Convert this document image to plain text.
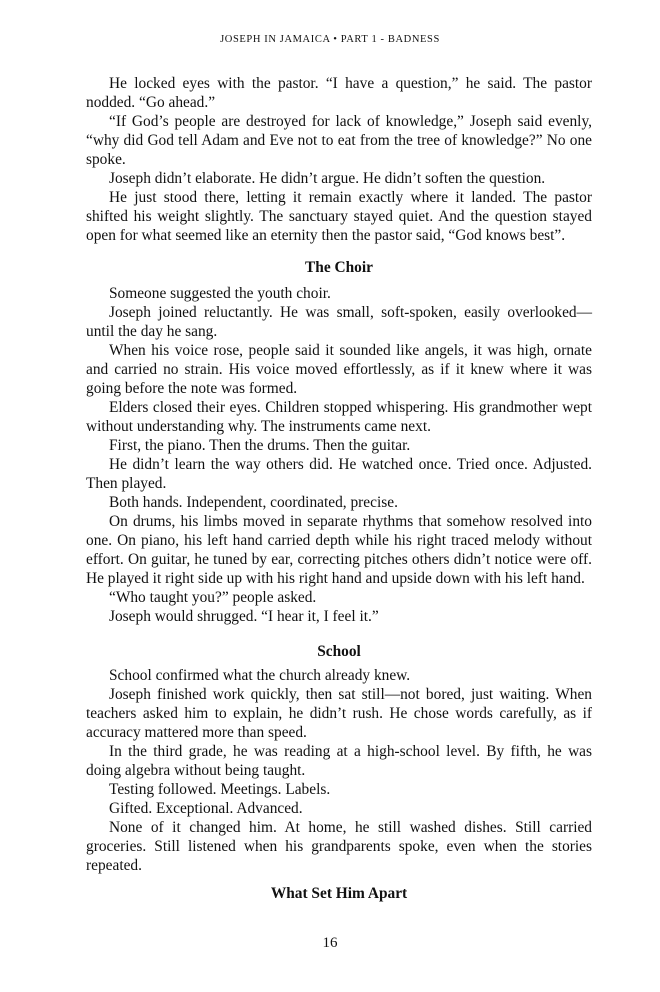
JOSEPH IN JAMAICA • PART 1 - BADNESS

He locked eyes with the pastor. “I have a question,” he said. The pastor nodded. “Go ahead.”

“If God’s people are destroyed for lack of knowledge,” Joseph said evenly, “why did God tell Adam and Eve not to eat from the tree of knowledge?” No one spoke.

Joseph didn’t elaborate. He didn’t argue. He didn’t soften the question.

He just stood there, letting it remain exactly where it landed. The pastor shifted his weight slightly. The sanctuary stayed quiet. And the question stayed open for what seemed like an eternity then the pastor said, “God knows best”.

The Choir

Someone suggested the youth choir.

Joseph joined reluctantly. He was small, soft-spoken, easily overlooked—until the day he sang.

When his voice rose, people said it sounded like angels, it was high, ornate and carried no strain. His voice moved effortlessly, as if it knew where it was going before the note was formed.

Elders closed their eyes. Children stopped whispering. His grandmother wept without understanding why. The instruments came next.

First, the piano. Then the drums. Then the guitar.

He didn’t learn the way others did. He watched once. Tried once. Adjusted. Then played.

Both hands. Independent, coordinated, precise.

On drums, his limbs moved in separate rhythms that somehow resolved into one. On piano, his left hand carried depth while his right traced melody without effort. On guitar, he tuned by ear, correcting pitches others didn’t notice were off. He played it right side up with his right hand and upside down with his left hand.

“Who taught you?” people asked.

Joseph would shrugged. “I hear it, I feel it.”

School

School confirmed what the church already knew.

Joseph finished work quickly, then sat still—not bored, just waiting. When teachers asked him to explain, he didn’t rush. He chose words carefully, as if accuracy mattered more than speed.

In the third grade, he was reading at a high-school level. By fifth, he was doing algebra without being taught.

Testing followed. Meetings. Labels.

Gifted. Exceptional. Advanced.

None of it changed him. At home, he still washed dishes. Still carried groceries. Still listened when his grandparents spoke, even when the stories repeated.

What Set Him Apart
16
